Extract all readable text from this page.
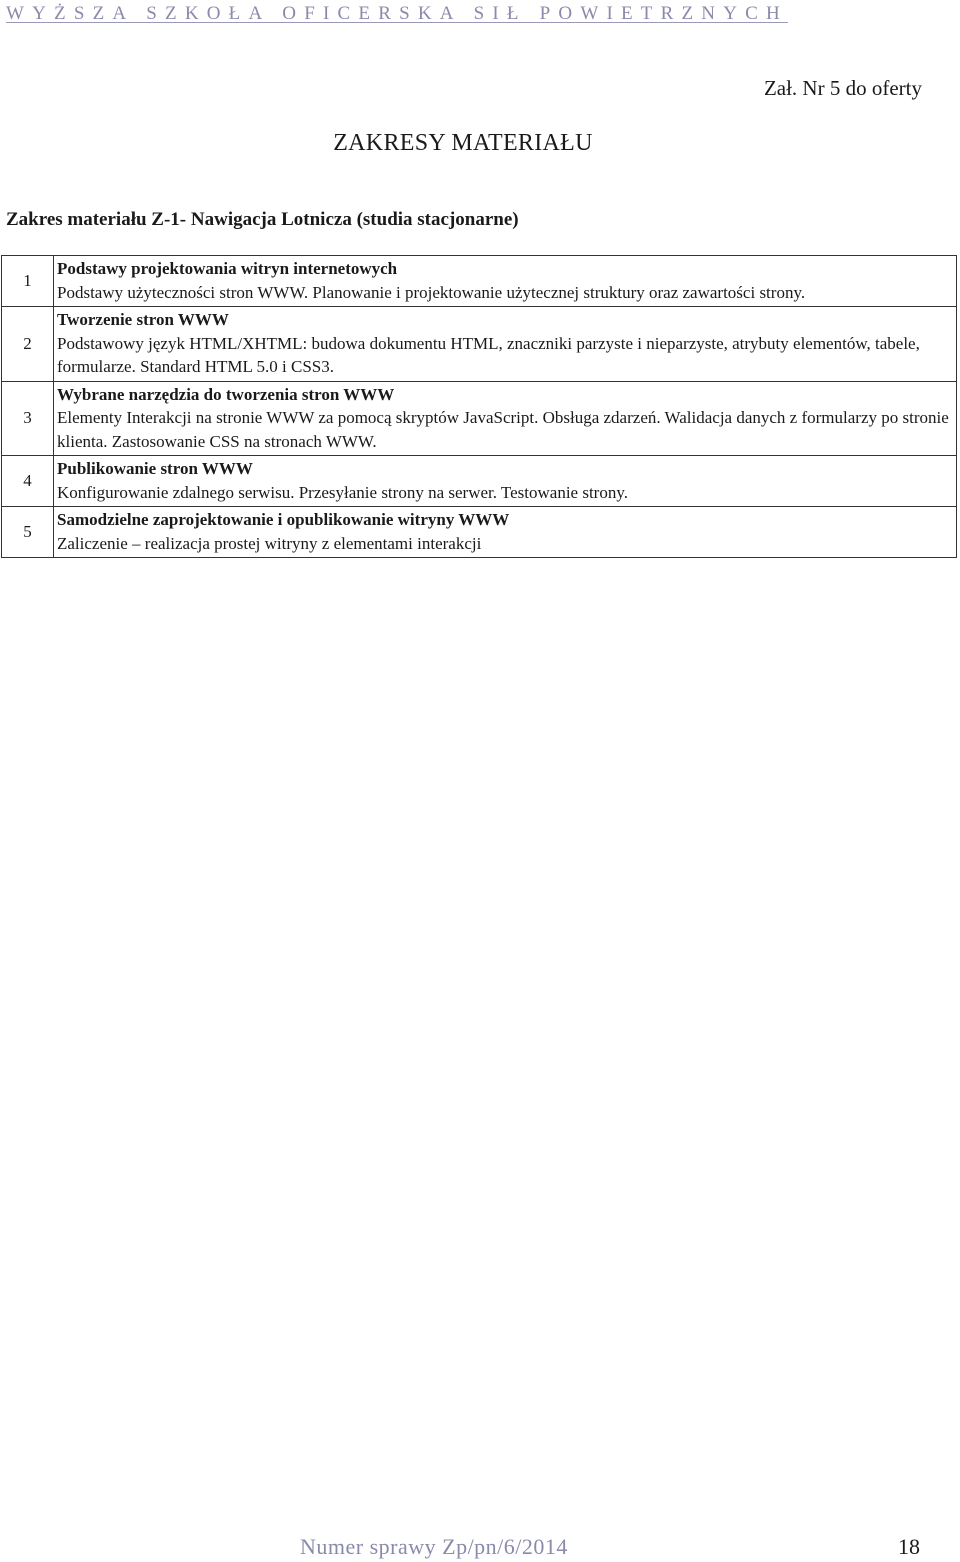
WYŻSZA SZKOŁA OFICERSKA SIŁ POWIETRZNYCH
Zał. Nr 5 do oferty
ZAKRESY MATERIAŁU
Zakres materiału Z-1- Nawigacja Lotnicza (studia stacjonarne)
1	Podstawy projektowania witryn internetowych
Podstawy użyteczności stron WWW. Planowanie i projektowanie użytecznej struktury oraz zawartości strony.

2	Tworzenie stron WWW
Podstawowy język HTML/XHTML: budowa dokumentu HTML, znaczniki parzyste i nieparzyste, atrybuty elementów, tabele, formularze. Standard HTML 5.0 i CSS3.

3	Wybrane narzędzia do tworzenia stron WWW
Elementy Interakcji na stronie WWW za pomocą skryptów JavaScript. Obsługa zdarzeń. Walidacja danych z formularzy po stronie klienta. Zastosowanie CSS na stronach WWW.

4	Publikowanie stron WWW
Konfigurowanie zdalnego serwisu. Przesyłanie strony na serwer. Testowanie strony.

5	Samodzielne zaprojektowanie i opublikowanie witryny WWW
Zaliczenie – realizacja prostej witryny z elementami interakcji
Numer sprawy Zp/pn/6/2014	18
